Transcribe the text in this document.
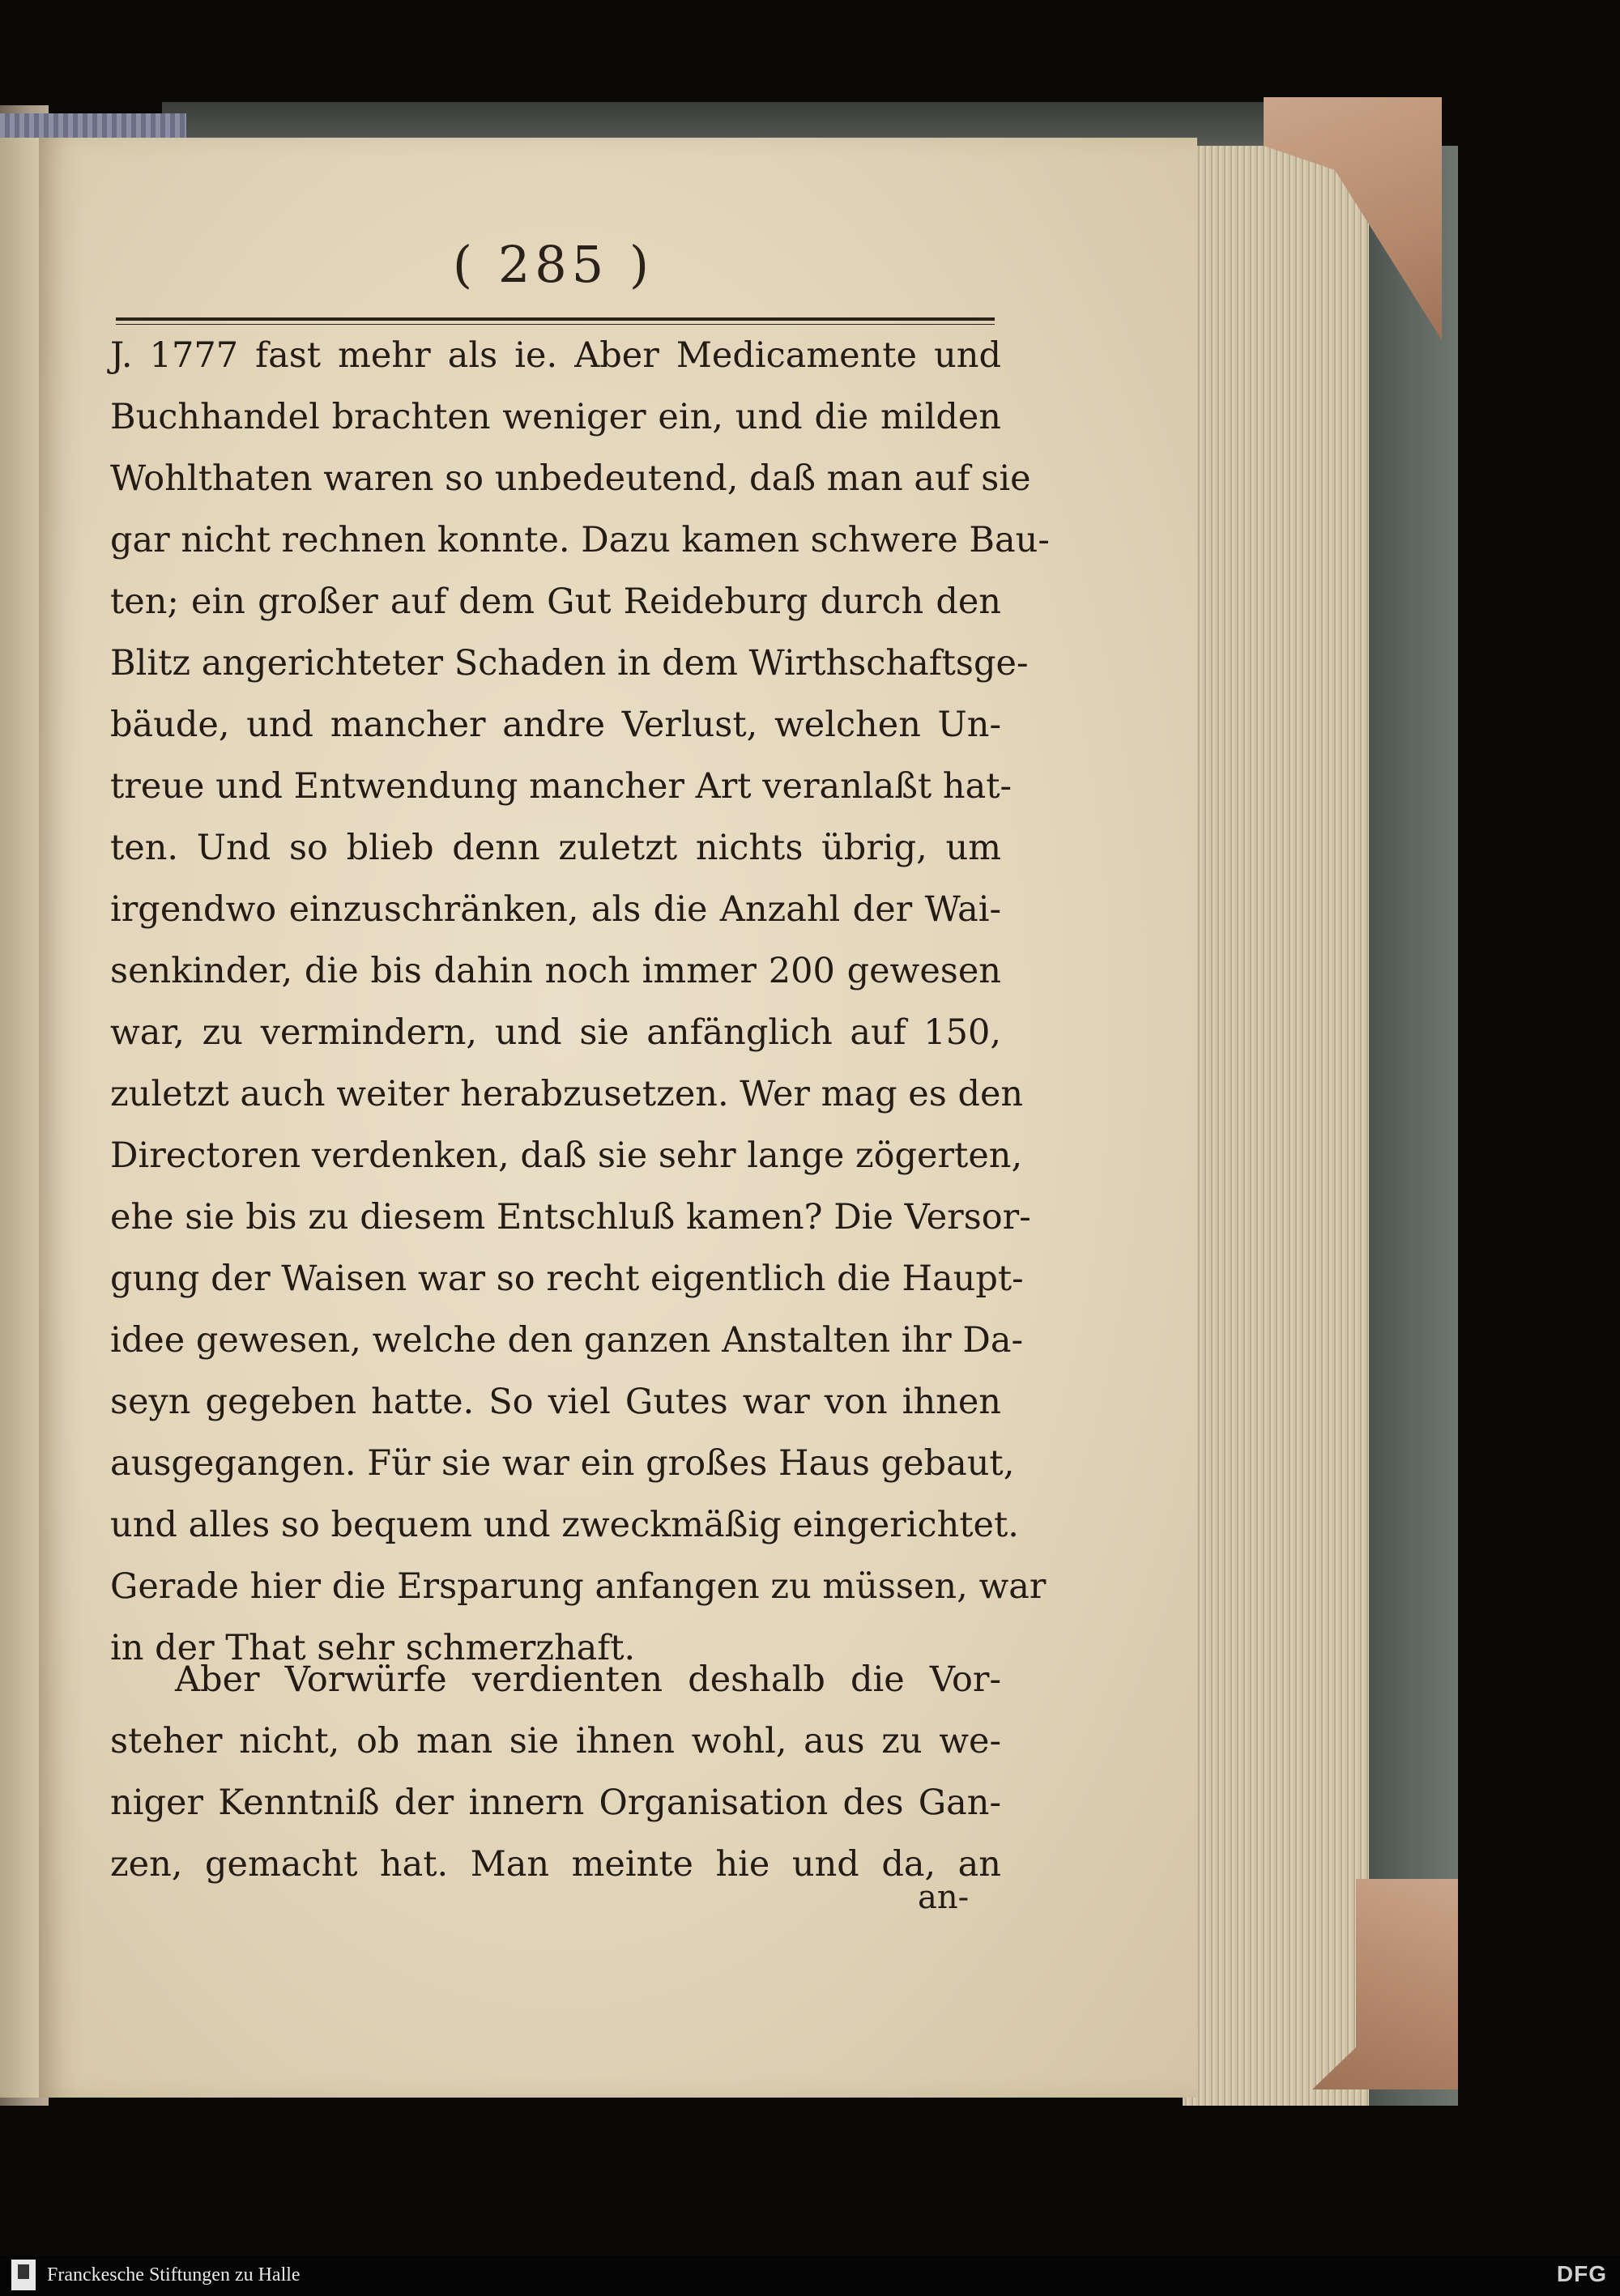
( 285 )
J. 1777 fast mehr als ie. Aber Medicamente und
Buchhandel brachten weniger ein, und die milden
Wohlthaten waren so unbedeutend, daß man auf sie
gar nicht rechnen konnte. Dazu kamen schwere Bau-
ten; ein großer auf dem Gut Reideburg durch den
Blitz angerichteter Schaden in dem Wirthschaftsge-
bäude, und mancher andre Verlust, welchen Un-
treue und Entwendung mancher Art veranlaßt hat-
ten. Und so blieb denn zuletzt nichts übrig, um
irgendwo einzuschränken, als die Anzahl der Wai-
senkinder, die bis dahin noch immer 200 gewesen
war, zu vermindern, und sie anfänglich auf 150,
zuletzt auch weiter herabzusetzen. Wer mag es den
Directoren verdenken, daß sie sehr lange zögerten,
ehe sie bis zu diesem Entschluß kamen? Die Versor-
gung der Waisen war so recht eigentlich die Haupt-
idee gewesen, welche den ganzen Anstalten ihr Da-
seyn gegeben hatte. So viel Gutes war von ihnen
ausgegangen. Für sie war ein großes Haus gebaut,
und alles so bequem und zweckmäßig eingerichtet.
Gerade hier die Ersparung anfangen zu müssen, war
in der That sehr schmerzhaft.
Aber Vorwürfe verdienten deshalb die Vor-
steher nicht, ob man sie ihnen wohl, aus zu we-
niger Kenntniß der innern Organisation des Gan-
zen, gemacht hat. Man meinte hie und da, an
an-
Franckesche Stiftungen zu Halle	DFG
